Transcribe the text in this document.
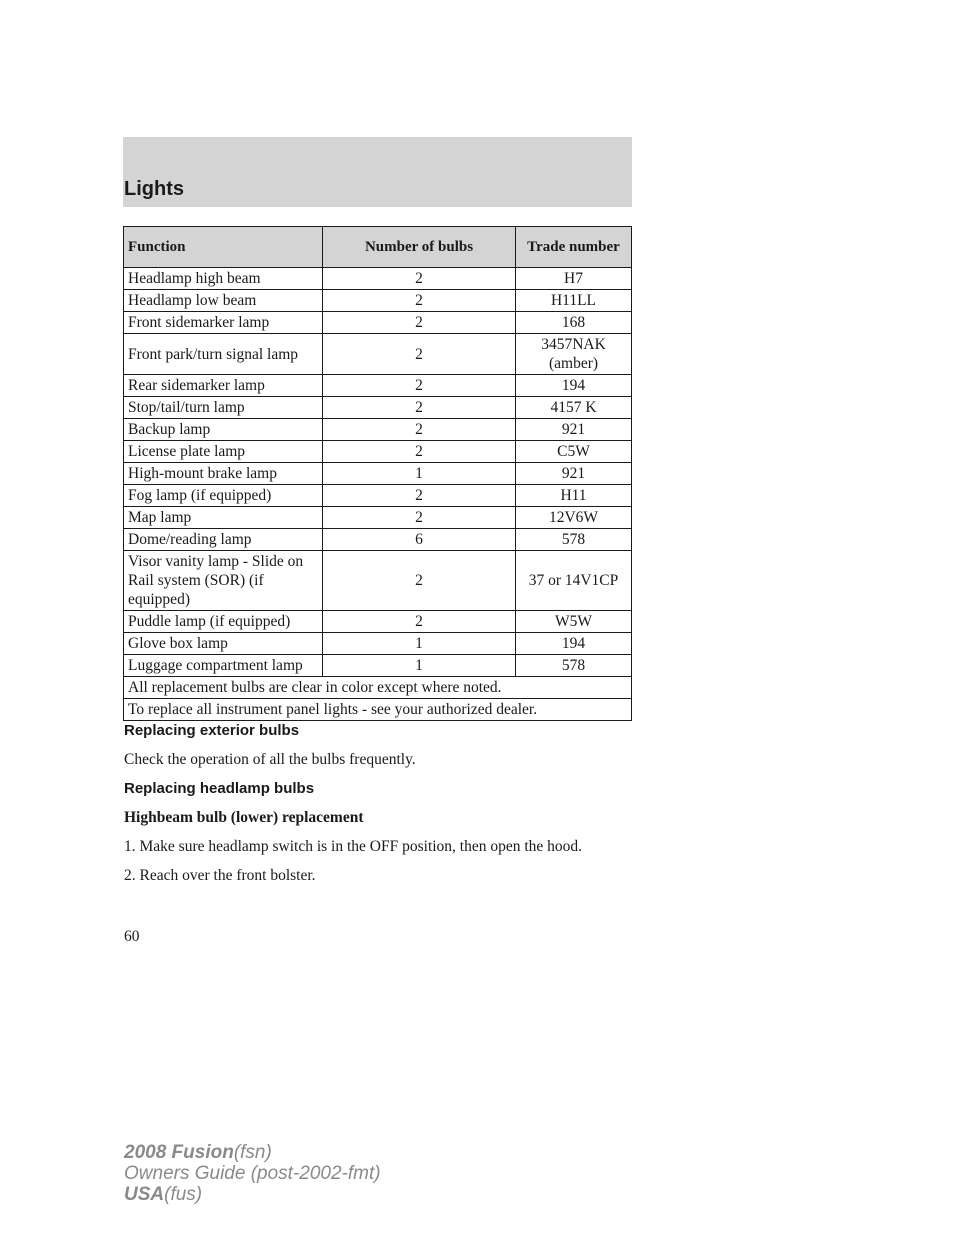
Lights
Function	Number of bulbs	Trade number
Headlamp high beam	2	H7
Headlamp low beam	2	H11LL
Front sidemarker lamp	2	168
Front park/turn signal lamp	2	3457NAK (amber)
Rear sidemarker lamp	2	194
Stop/tail/turn lamp	2	4157 K
Backup lamp	2	921
License plate lamp	2	C5W
High-mount brake lamp	1	921
Fog lamp (if equipped)	2	H11
Map lamp	2	12V6W
Dome/reading lamp	6	578
Visor vanity lamp - Slide on Rail system (SOR) (if equipped)	2	37 or 14V1CP
Puddle lamp (if equipped)	2	W5W
Glove box lamp	1	194
Luggage compartment lamp	1	578
All replacement bulbs are clear in color except where noted.		
To replace all instrument panel lights - see your authorized dealer.		
Replacing exterior bulbs
Check the operation of all the bulbs frequently.
Replacing headlamp bulbs
Highbeam bulb (lower) replacement
1. Make sure headlamp switch is in the OFF position, then open the hood.
2. Reach over the front bolster.
60
2008 Fusion(fsn)
Owners Guide (post-2002-fmt)
USA(fus)
